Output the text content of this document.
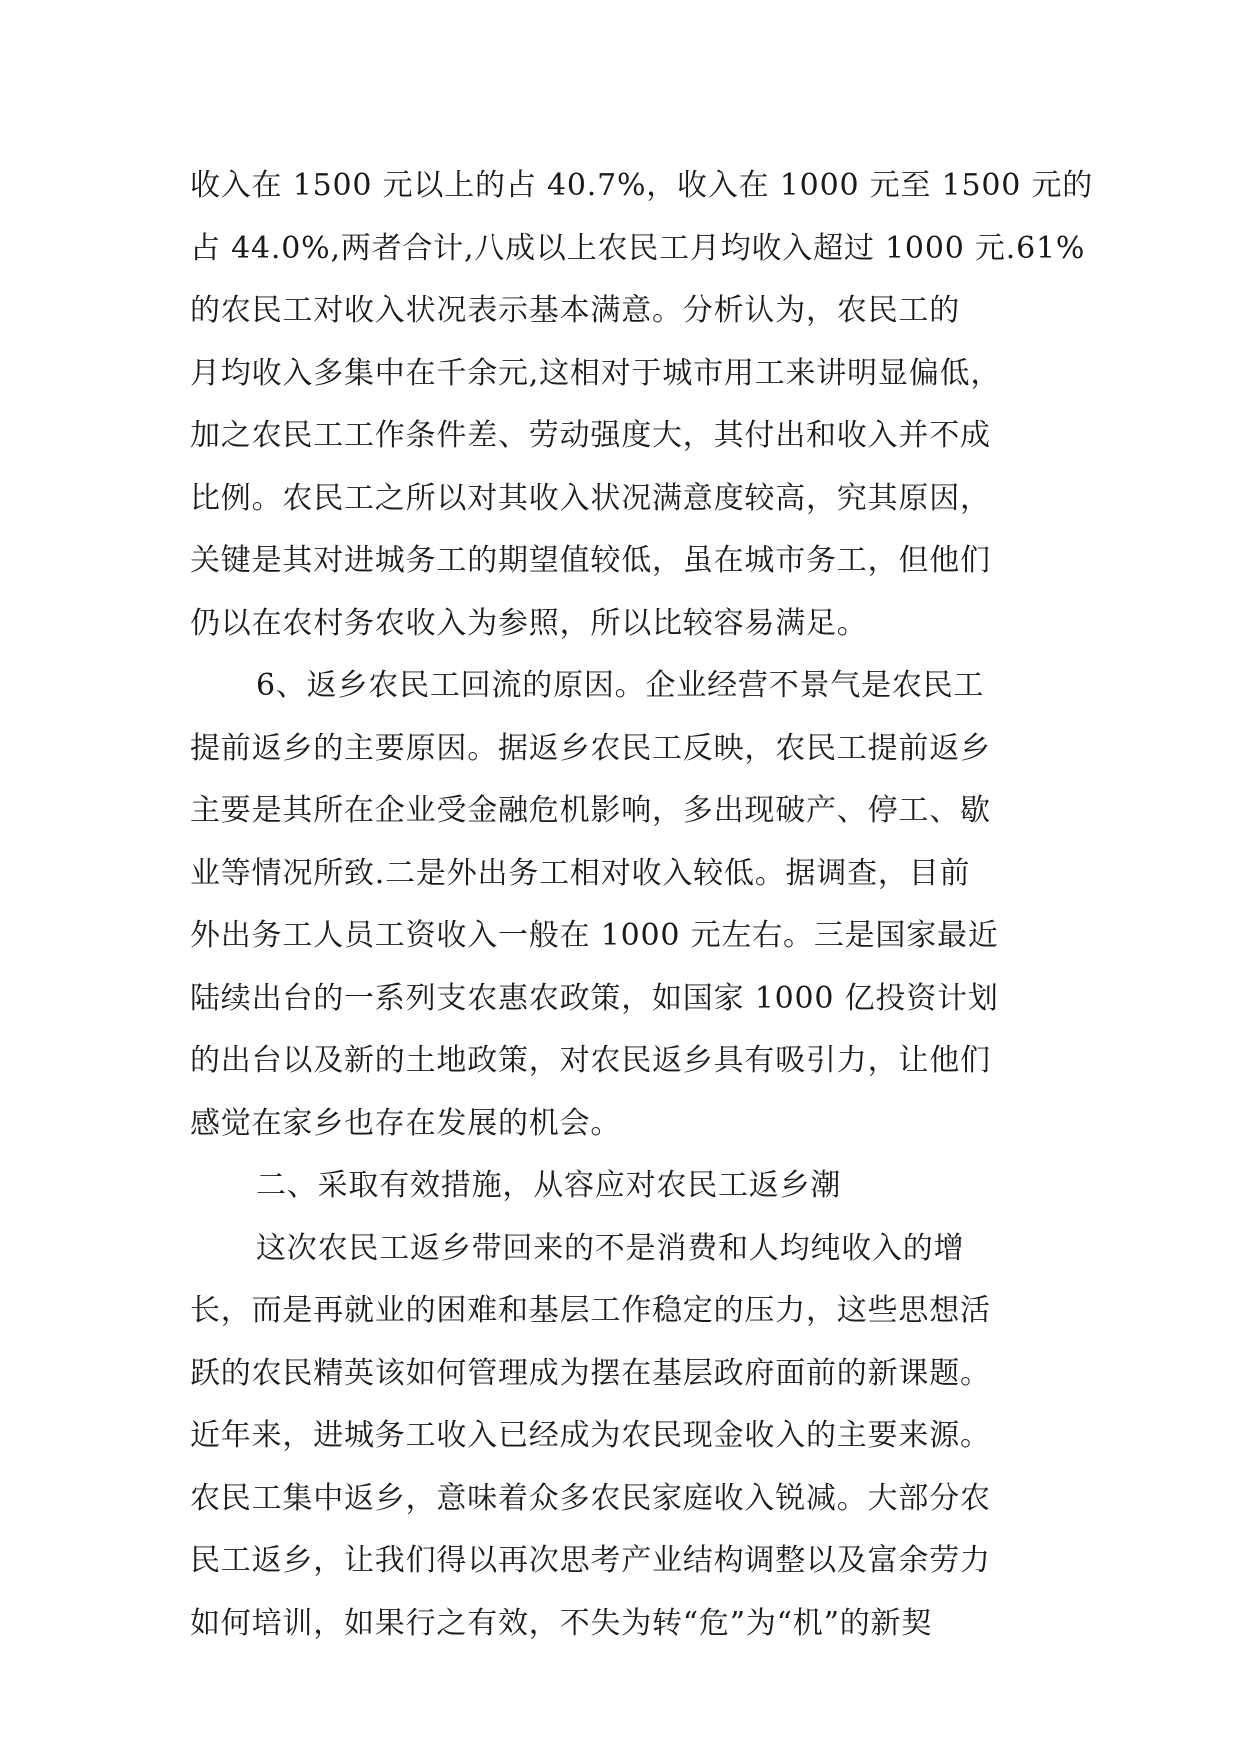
收入在 1500 元以上的占 40.7%，收入在 1000 元至 1500 元的
占 44.0%,两者合计,八成以上农民工月均收入超过 1000 元.61%
的农民工对收入状况表示基本满意。分析认为，农民工的
月均收入多集中在千余元,这相对于城市用工来讲明显偏低，
加之农民工工作条件差、劳动强度大，其付出和收入并不成
比例。农民工之所以对其收入状况满意度较高，究其原因，
关键是其对进城务工的期望值较低，虽在城市务工，但他们
仍以在农村务农收入为参照，所以比较容易满足。
6、返乡农民工回流的原因。企业经营不景气是农民工
提前返乡的主要原因。据返乡农民工反映，农民工提前返乡
主要是其所在企业受金融危机影响，多出现破产、停工、歇
业等情况所致.二是外出务工相对收入较低。据调查，目前
外出务工人员工资收入一般在 1000 元左右。三是国家最近
陆续出台的一系列支农惠农政策，如国家 1000 亿投资计划
的出台以及新的土地政策，对农民返乡具有吸引力，让他们
感觉在家乡也存在发展的机会。
二、采取有效措施，从容应对农民工返乡潮
这次农民工返乡带回来的不是消费和人均纯收入的增
长，而是再就业的困难和基层工作稳定的压力，这些思想活
跃的农民精英该如何管理成为摆在基层政府面前的新课题。
近年来，进城务工收入已经成为农民现金收入的主要来源。
农民工集中返乡，意味着众多农民家庭收入锐减。大部分农
民工返乡，让我们得以再次思考产业结构调整以及富余劳力
如何培训，如果行之有效，不失为转“危”为“机”的新契
